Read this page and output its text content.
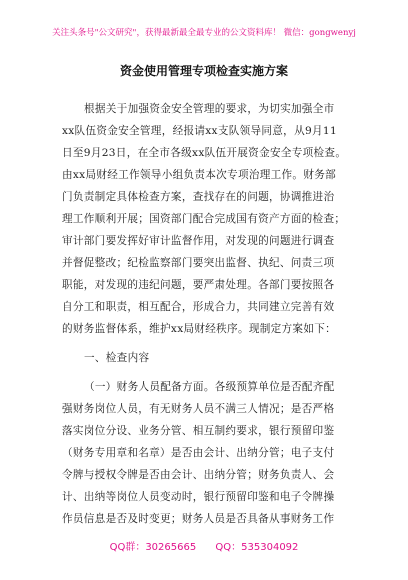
关注头条号"公文研究"，获得最新最全最专业的公文资料库！ 微信：gongwenyj
资金使用管理专项检查实施方案
根据关于加强资金安全管理的要求，为切实加强全市
xx队伍资金安全管理，经报请xx支队领导同意，从9月11
日至9月23日，在全市各级xx队伍开展资金安全专项检查。
由xx局财经工作领导小组负责本次专项治理工作。财务部
门负责制定具体检查方案，查找存在的问题，协调推进治
理工作顺利开展；国资部门配合完成国有资产方面的检查；
审计部门要发挥好审计监督作用，对发现的问题进行调查
并督促整改；纪检监察部门要突出监督、执纪、问责三项
职能，对发现的违纪问题，要严肃处理。各部门要按照各
自分工和职责，相互配合，形成合力，共同建立完善有效
的财务监督体系，维护xx局财经秩序。现制定方案如下：
一、检查内容
（一）财务人员配备方面。各级预算单位是否配齐配
强财务岗位人员，有无财务人员不满三人情况；是否严格
落实岗位分设、业务分管、相互制约要求，银行预留印鉴
（财务专用章和名章）是否由会计、出纳分管；电子支付
令牌与授权令牌是否由会计、出纳分管；财务负责人、会
计、出纳等岗位人员变动时，银行预留印鉴和电子令牌操
作员信息是否及时变更；财务人员是否具备从事财务工作
QQ群：30265665 QQ：535304092
